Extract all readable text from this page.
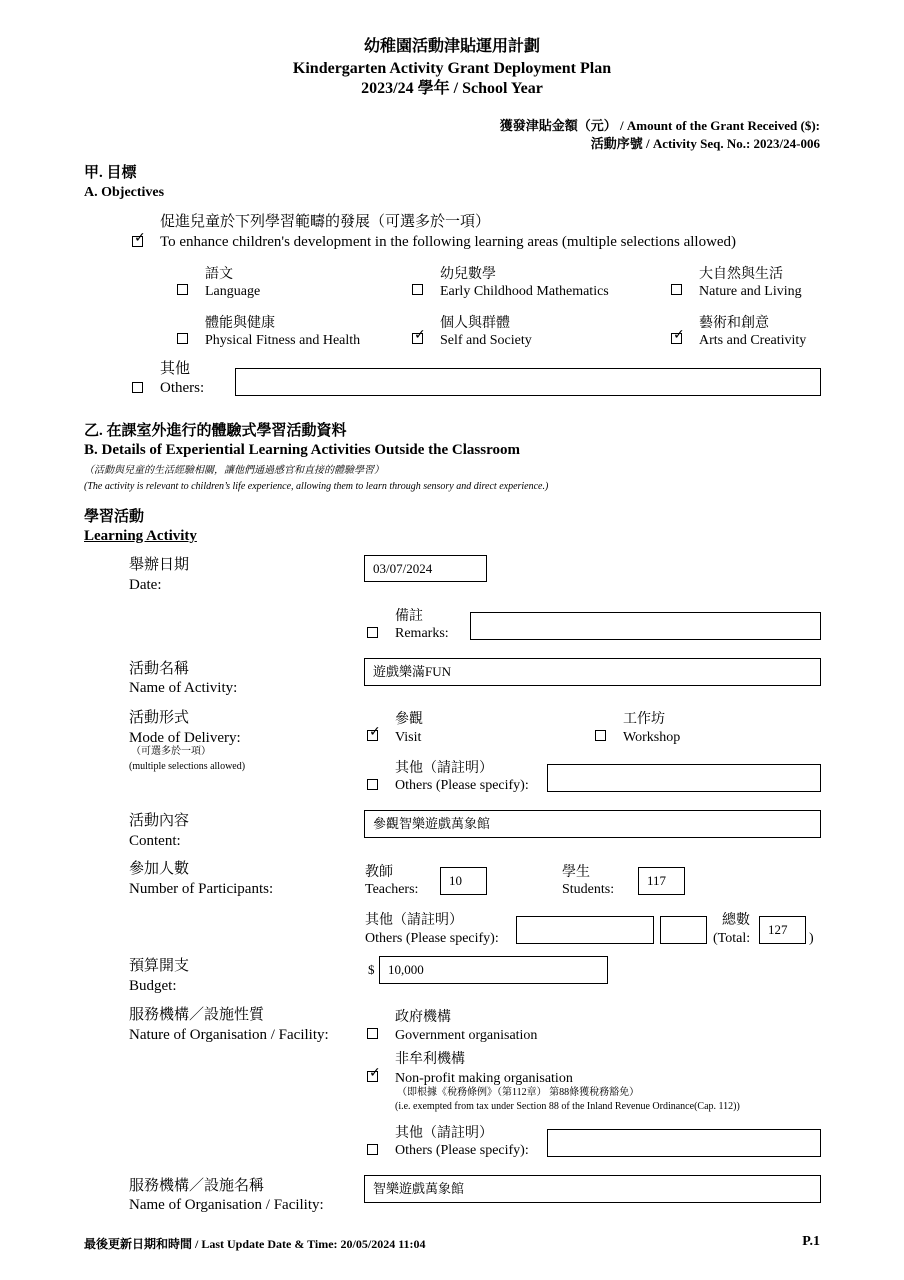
幼稚園活動津貼運用計劃
Kindergarten Activity Grant Deployment Plan
2023/24 學年 / School Year
獲發津貼金額（元） / Amount of the Grant Received ($):
活動序號 / Activity Seq. No.: 2023/24-006
甲. 目標
A. Objectives
✓
促進兒童於下列學習範疇的發展（可選多於一項）
To enhance children's development in the following learning areas (multiple selections allowed)
語文
Language
幼兒數學
Early Childhood Mathematics
大自然與生活
Nature and Living
體能與健康
Physical Fitness and Health
✓
個人與群體
Self and Society
✓
藝術和創意
Arts and Creativity
其他
Others:
乙. 在課室外進行的體驗式學習活動資料
B. Details of Experiential Learning Activities Outside the Classroom
（活動與兒童的生活經驗相關，讓他們通過感官和直接的體驗學習）
(The activity is relevant to children’s life experience, allowing them to learn through sensory and direct experience.)
學習活動
Learning Activity
舉辦日期
Date:
03/07/2024
備註
Remarks:
活動名稱
Name of Activity:
遊戲樂滿FUN
活動形式
Mode of Delivery:
（可選多於一項）
(multiple selections allowed)
✓
參觀
Visit
工作坊
Workshop
其他（請註明）
Others (Please specify):
活動內容
Content:
參觀智樂遊戲萬象館
參加人數
Number of Participants:
教師
Teachers:
10
學生
Students:
117
其他（請註明）
Others (Please specify):
總數
(Total:
127
)
預算開支
Budget:
$	10,000
服務機構／設施性質
Nature of Organisation / Facility:
政府機構
Government organisation
✓
非牟利機構
Non-profit making organisation
（即根據《稅務條例》（第112章） 第88條獲稅務豁免）
(i.e. exempted from tax under Section 88 of the Inland Revenue Ordinance(Cap. 112))
其他（請註明）
Others (Please specify):
服務機構／設施名稱
Name of Organisation / Facility:
智樂遊戲萬象館
最後更新日期和時間 / Last Update Date & Time: 20/05/2024 11:04	P.1
